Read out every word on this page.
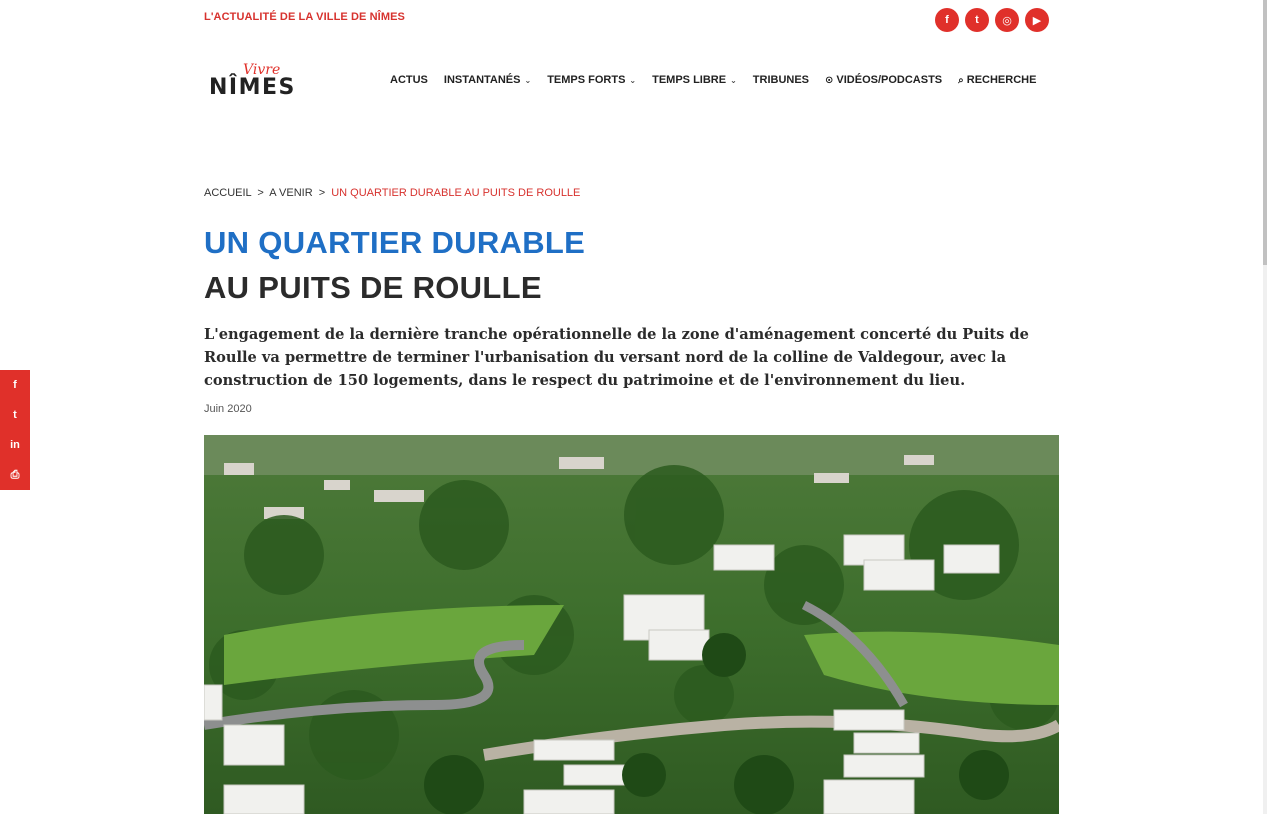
L'ACTUALITÉ DE LA VILLE DE NÎMES	f	t	◎	▶
Vivre
NÎMES	ACTUS INSTANTANÉS ⌄ TEMPS FORTS ⌄ TEMPS LIBRE ⌄ TRIBUNES ⊙ VIDÉOS/PODCASTS ⌕ RECHERCHE
ACCUEIL > A VENIR > UN QUARTIER DURABLE AU PUITS DE ROULLE
UN QUARTIER DURABLE
AU PUITS DE ROULLE

L'engagement de la dernière tranche opérationnelle de la zone d'aménagement concerté du Puits de Roulle va permettre de terminer l'urbanisation du versant nord de la colline de Valdegour, avec la construction de 150 logements, dans le respect du patrimoine et de l'environnement du lieu.

Juin 2020
f
t
in
⎙
